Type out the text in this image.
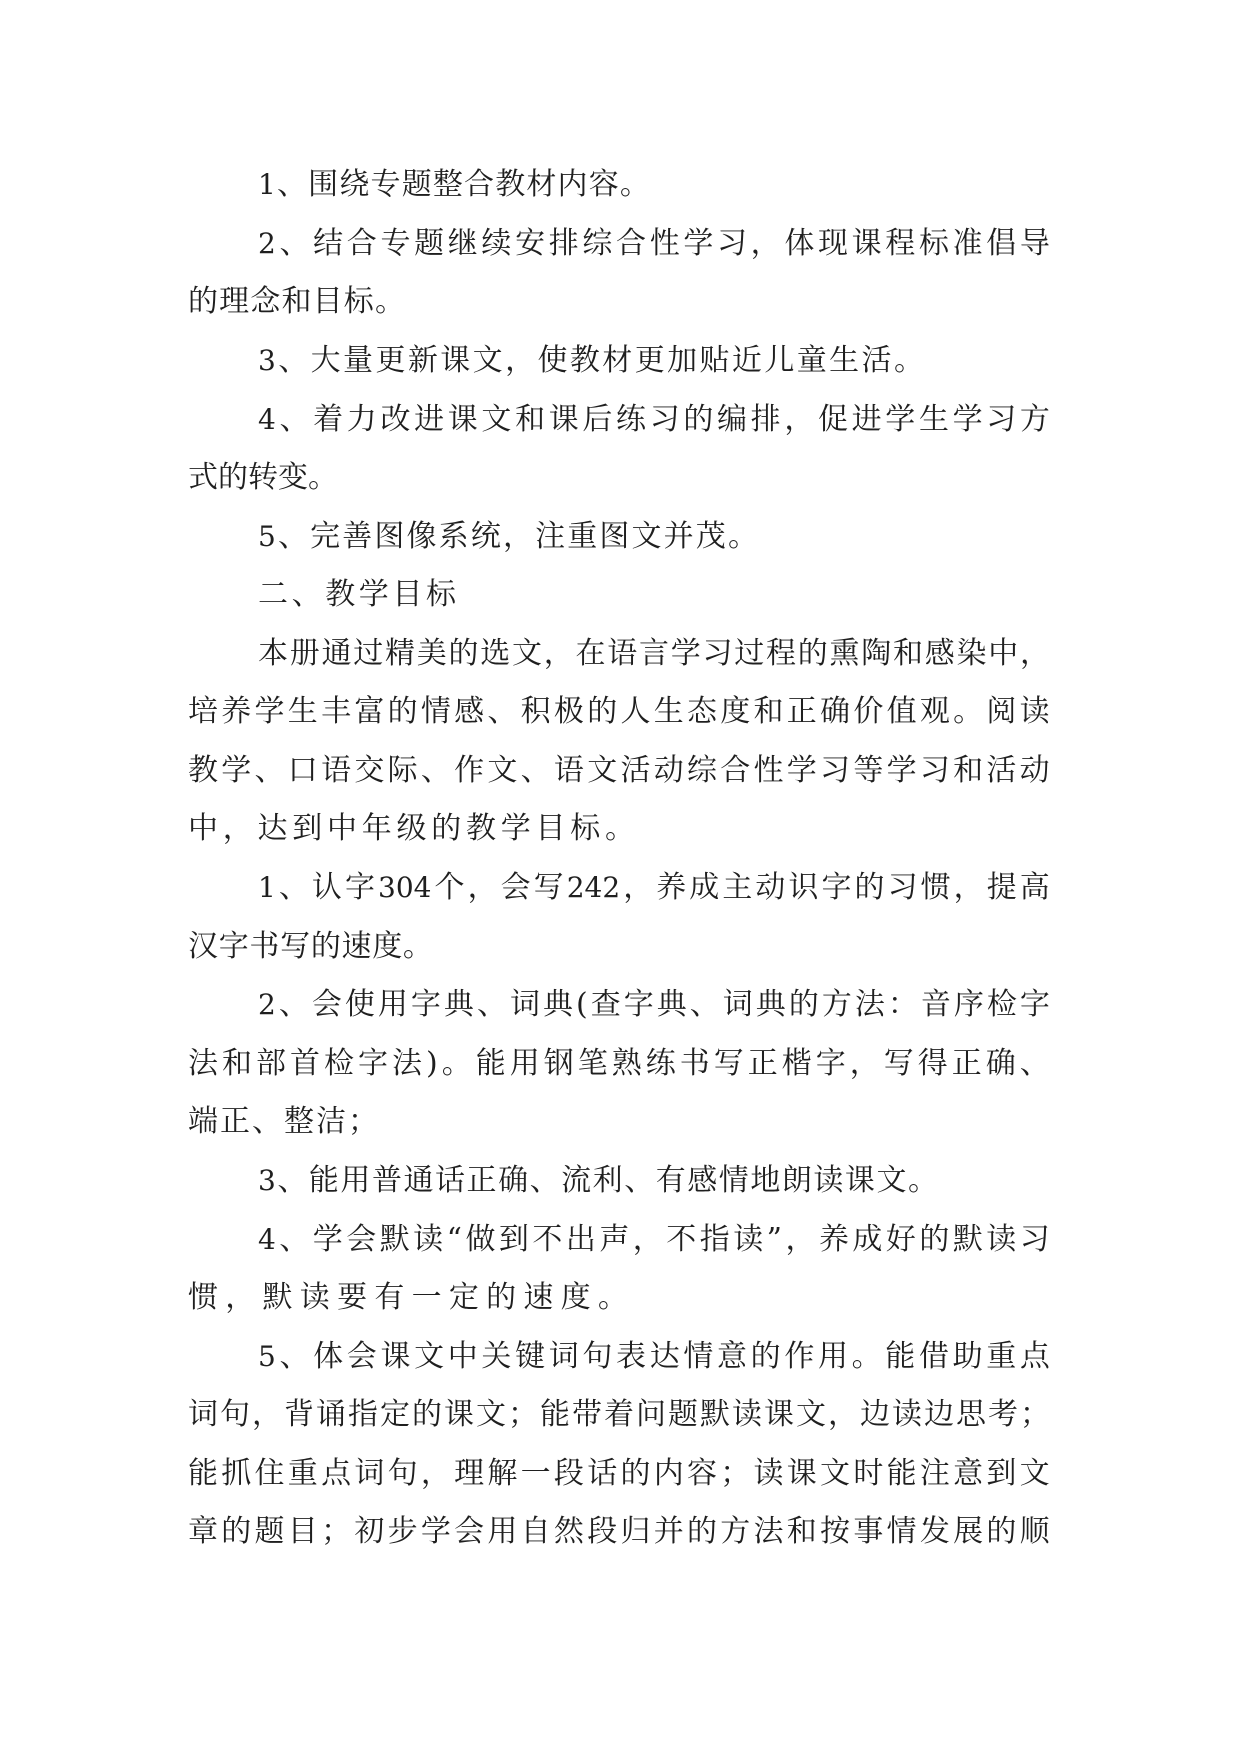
1 、 围 绕 专 题 整 合 教 材 内 容 。
2 、 结 合 专 题 继 续 安 排 综 合 性 学 习 ， 体 现 课 程 标 准 倡 导
的 理 念 和 目 标 。
3 、 大 量 更 新 课 文 ， 使 教 材 更 加 贴 近 儿 童 生 活 。
4 、 着 力 改 进 课 文 和 课 后 练 习 的 编 排 ， 促 进 学 生 学 习 方
式 的 转 变 。
5 、 完 善 图 像 系 统 ， 注 重 图 文 并 茂 。
二 、 教 学 目 标
本 册 通 过 精 美 的 选 文 ， 在 语 言 学 习 过 程 的 熏 陶 和 感 染 中 ，
培 养 学 生 丰 富 的 情 感 、 积 极 的 人 生 态 度 和 正 确 价 值 观 。 阅 读
教 学 、 口 语 交 际 、 作 文 、 语 文 活 动 综 合 性 学 习 等 学 习 和 活 动
中 ， 达 到 中 年 级 的 教 学 目 标 。
1 、 认 字 304 个 ， 会 写 242 ， 养 成 主 动 识 字 的 习 惯 ， 提 高
汉 字 书 写 的 速 度 。
2 、 会 使 用 字 典 、 词 典 ( 查 字 典 、 词 典 的 方 法 ： 音 序 检 字
法 和 部 首 检 字 法 ) 。 能 用 钢 笔 熟 练 书 写 正 楷 字 ， 写 得 正 确 、
端 正 、 整 洁 ；
3 、 能 用 普 通 话 正 确 、 流 利 、 有 感 情 地 朗 读 课 文 。
4 、 学 会 默 读 “ 做 到 不 出 声 ， 不 指 读 ” ， 养 成 好 的 默 读 习
惯 ， 默 读 要 有 一 定 的 速 度 。
5 、 体 会 课 文 中 关 键 词 句 表 达 情 意 的 作 用 。 能 借 助 重 点
词 句 ， 背 诵 指 定 的 课 文 ； 能 带 着 问 题 默 读 课 文 ， 边 读 边 思 考 ；
能 抓 住 重 点 词 句 ， 理 解 一 段 话 的 内 容 ； 读 课 文 时 能 注 意 到 文
章 的 题 目 ； 初 步 学 会 用 自 然 段 归 并 的 方 法 和 按 事 情 发 展 的 顺
